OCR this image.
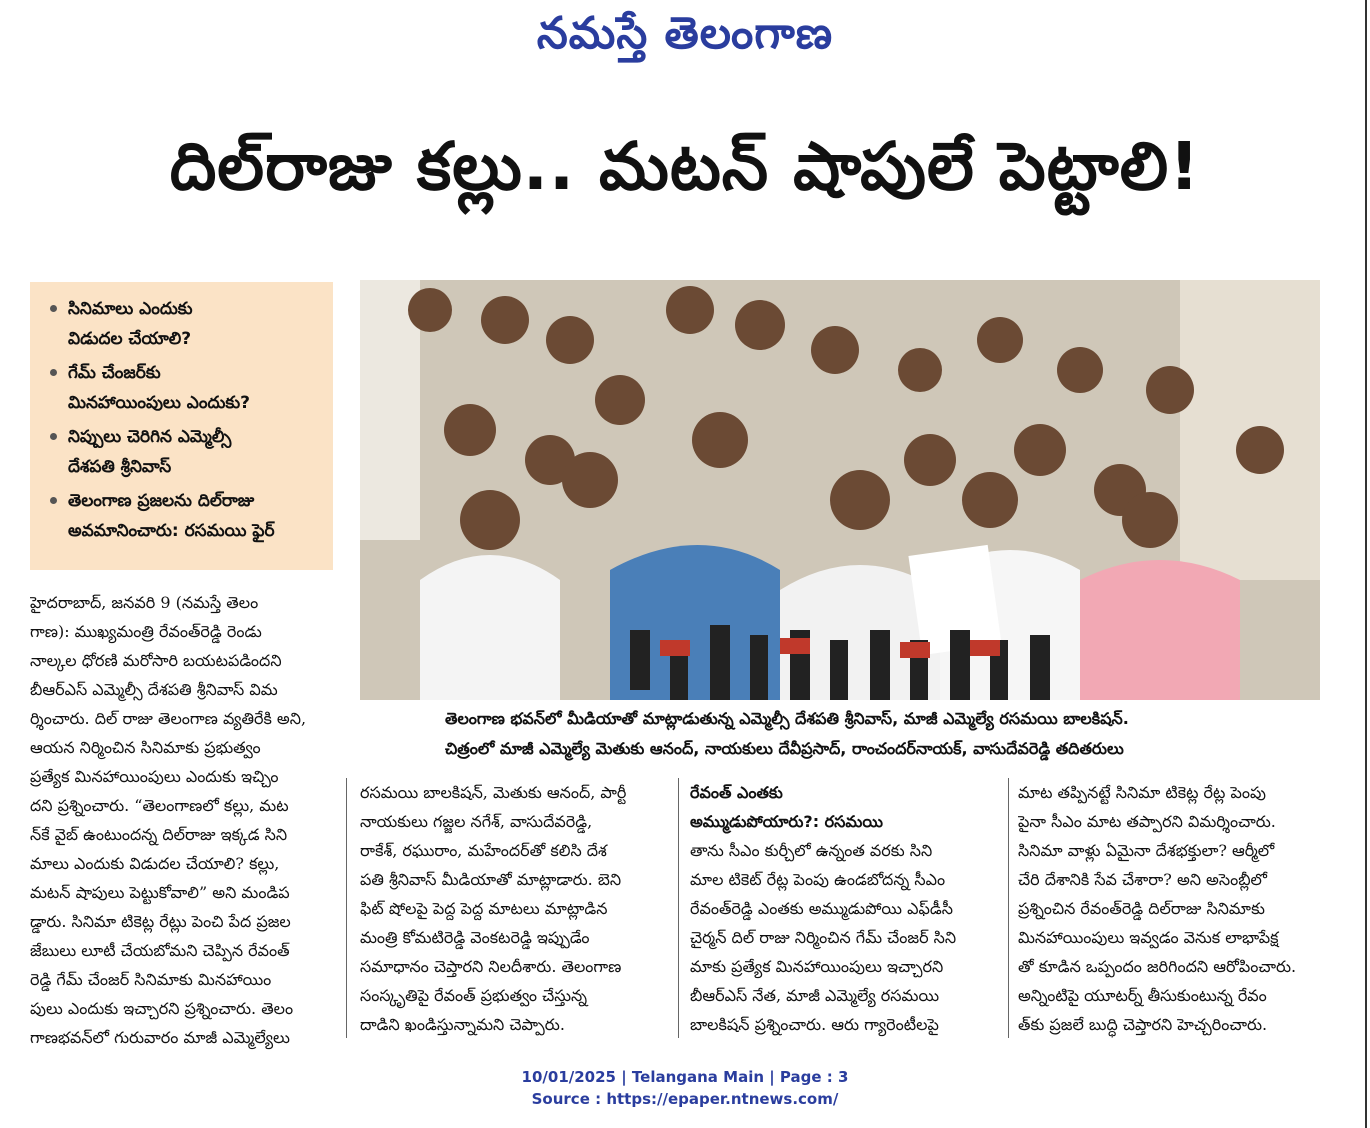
నమస్తే తెలంగాణ
దిల్‌రాజు కల్లు.. మటన్ షాపులే పెట్టాలి!
సినిమాలు ఎందుకు
విడుదల చేయాలి?
గేమ్ చేంజర్‌కు
మినహాయింపులు ఎందుకు?
నిప్పులు చెరిగిన ఎమ్మెల్సీ
దేశపతి శ్రీనివాస్
తెలంగాణ ప్రజలను దిల్‌రాజు
అవమానించారు: రసమయి ఫైర్
తెలంగాణ భవన్‌లో మీడియాతో మాట్లాడుతున్న ఎమ్మెల్సీ దేశపతి శ్రీనివాస్, మాజీ ఎమ్మెల్యే రసమయి బాలకిషన్.
చిత్రంలో మాజీ ఎమ్మెల్యే మెతుకు ఆనంద్, నాయకులు దేవీప్రసాద్, రాంచందర్‌నాయక్, వాసుదేవరెడ్డి తదితరులు
హైదరాబాద్, జనవరి 9 (నమస్తే తెలం
గాణ): ముఖ్యమంత్రి రేవంత్‌రెడ్డి రెండు
నాల్కల ధోరణి మరోసారి బయటపడిందని
బీఆర్‌ఎస్ ఎమ్మెల్సీ దేశపతి శ్రీనివాస్ విమ
ర్శించారు. దిల్ రాజు తెలంగాణ వ్యతిరేకి అని,
ఆయన నిర్మించిన సినిమాకు ప్రభుత్వం
ప్రత్యేక మినహాయింపులు ఎందుకు ఇచ్చిం
దని ప్రశ్నించారు. “తెలంగాణలో కల్లు, మట
న్‌కే వైబ్ ఉంటుందన్న దిల్‌రాజు ఇక్కడ సిని
మాలు ఎందుకు విడుదల చేయాలి? కల్లు,
మటన్ షాపులు పెట్టుకోవాలి” అని మండిప
డ్డారు. సినిమా టికెట్ల రేట్లు పెంచి పేద ప్రజల
జేబులు లూటీ చేయబోమని చెప్పిన రేవంత్
రెడ్డి గేమ్ చేంజర్ సినిమాకు మినహాయిం
పులు ఎందుకు ఇచ్చారని ప్రశ్నించారు. తెలం
గాణభవన్‌లో గురువారం మాజీ ఎమ్మెల్యేలు
రసమయి బాలకిషన్, మెతుకు ఆనంద్, పార్టీ
నాయకులు గజ్జల నగేశ్, వాసుదేవరెడ్డి,
రాకేశ్, రఘురాం, మహేందర్‌తో కలిసి దేశ
పతి శ్రీనివాస్ మీడియాతో మాట్లాడారు. బెని
ఫిట్ షోలపై పెద్ద పెద్ద మాటలు మాట్లాడిన
మంత్రి కోమటిరెడ్డి వెంకటరెడ్డి ఇప్పుడేం
సమాధానం చెప్తారని నిలదీశారు. తెలంగాణ
సంస్కృతిపై రేవంత్ ప్రభుత్వం చేస్తున్న
దాడిని ఖండిస్తున్నామని చెప్పారు.
రేవంత్ ఎంతకు
అమ్ముడుపోయారు?: రసమయి
తాను సీఎం కుర్చీలో ఉన్నంత వరకు సిని
మాల టికెట్ రేట్ల పెంపు ఉండబోదన్న సీఎం
రేవంత్‌రెడ్డి ఎంతకు అమ్ముడుపోయి ఎఫ్‌డీసీ
చైర్మన్ దిల్ రాజు నిర్మించిన గేమ్ చేంజర్ సిని
మాకు ప్రత్యేక మినహాయింపులు ఇచ్చారని
బీఆర్‌ఎస్ నేత, మాజీ ఎమ్మెల్యే రసమయి
బాలకిషన్ ప్రశ్నించారు. ఆరు గ్యారెంటీలపై
మాట తప్పినట్టే సినిమా టికెట్ల రేట్ల పెంపు
పైనా సీఎం మాట తప్పారని విమర్శించారు.
సినిమా వాళ్లు ఏమైనా దేశభక్తులా? ఆర్మీలో
చేరి దేశానికి సేవ చేశారా? అని అసెంబ్లీలో
ప్రశ్నించిన రేవంత్‌రెడ్డి దిల్‌రాజు సినిమాకు
మినహాయింపులు ఇవ్వడం వెనుక లాభాపేక్ష
తో కూడిన ఒప్పందం జరిగిందని ఆరోపించారు.
అన్నింటిపై యూటర్న్ తీసుకుంటున్న రేవం
త్‌కు ప్రజలే బుద్ధి చెప్తారని హెచ్చరించారు.
10/01/2025 | Telangana Main | Page : 3
Source : https://epaper.ntnews.com/
